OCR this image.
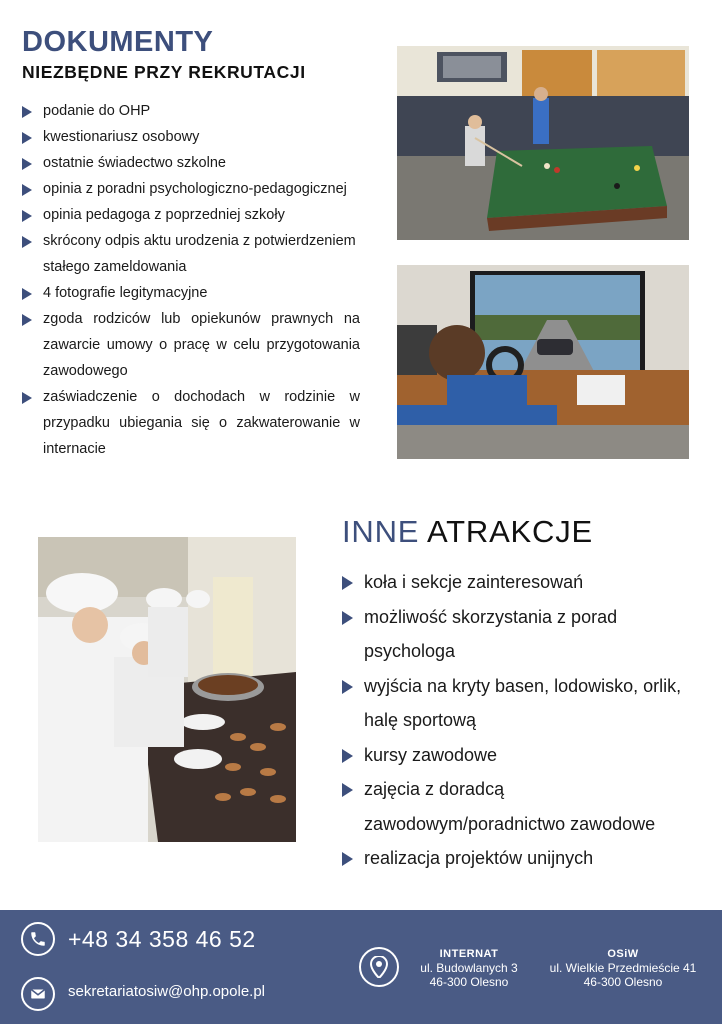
DOKUMENTY
NIEZBĘDNE PRZY REKRUTACJI
podanie do OHP
kwestionariusz osobowy
ostatnie świadectwo szkolne
opinia z poradni psychologiczno-pedagogicznej
opinia pedagoga z poprzedniej szkoły
skrócony odpis aktu urodzenia z potwierdzeniem stałego zameldowania
4 fotografie legitymacyjne
zgoda rodziców lub opiekunów prawnych na zawarcie umowy o pracę w celu przygotowania zawodowego
zaświadczenie o dochodach w rodzinie w przypadku ubiegania się o zakwaterowanie w internacie
INNE ATRAKCJE
koła i sekcje zainteresowań
możliwość skorzystania z porad psychologa
wyjścia na kryty basen, lodowisko, orlik, halę sportową
kursy zawodowe
zajęcia z doradcą zawodowym/poradnictwo zawodowe
realizacja projektów unijnych
+48 34 358 46 52
sekretariatosiw@ohp.opole.pl
INTERNAT
ul. Budowlanych 3
46-300 Olesno
OSiW
ul. Wielkie Przedmieście 41
46-300 Olesno
